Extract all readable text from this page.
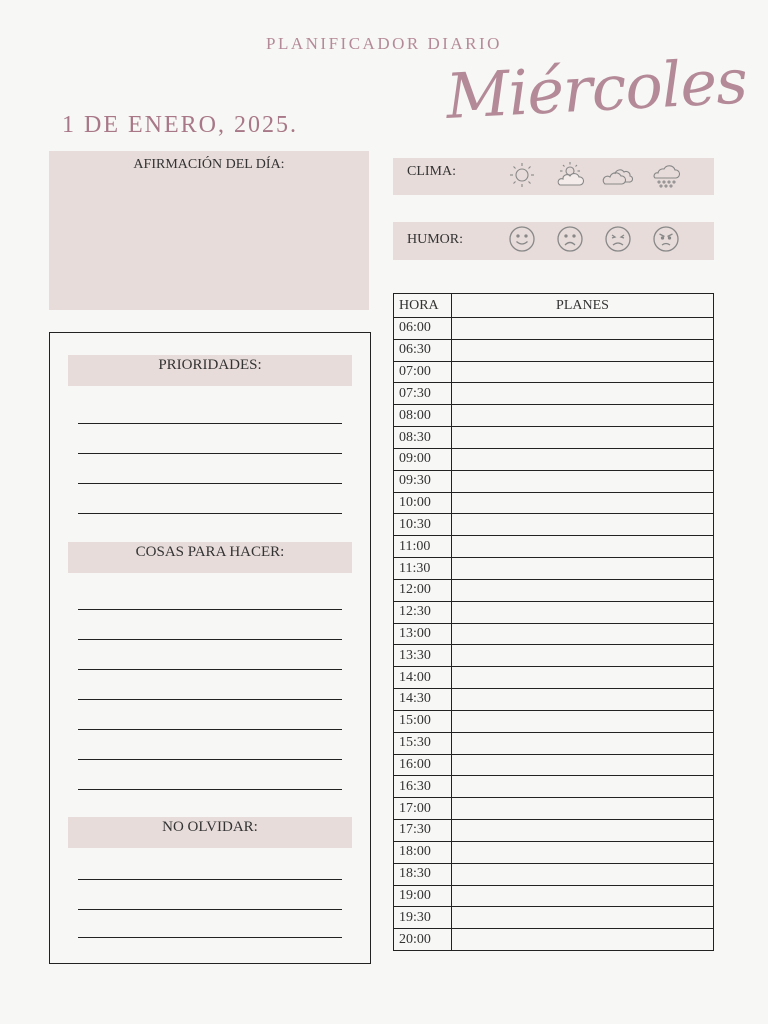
PLANIFICADOR DIARIO
1 DE ENERO, 2025. Miércoles
AFIRMACIÓN DEL DÍA:	CLIMA:
HUMOR:
PRIORIDADES:
COSAS PARA HACER:
NO OLVIDAR:
HORA	PLANES
06:00	
06:30	
07:00	
07:30	
08:00	
08:30	
09:00	
09:30	
10:00	
10:30	
11:00	
11:30	
12:00	
12:30	
13:00	
13:30	
14:00	
14:30	
15:00	
15:30	
16:00	
16:30	
17:00	
17:30	
18:00	
18:30	
19:00	
19:30	
20:00	
